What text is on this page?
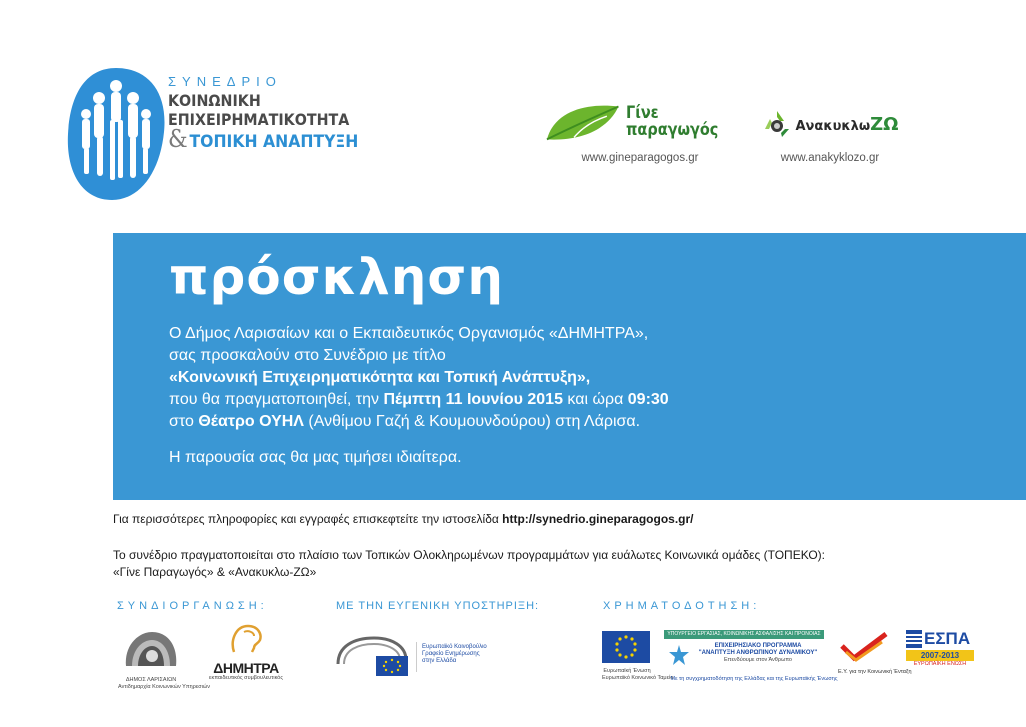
ΣΥΝΕΔΡΙΟ
ΚΟΙΝΩΝΙΚΗ
ΕΠΙΧΕΙΡΗΜΑΤΙΚΟΤΗΤΑ
& ΤΟΠΙΚΗ ΑΝΑΠΤΥΞΗ
Γίνε
παραγωγός
www.gineparagogos.gr
ΑνακυκλωΖΩ
www.anakyklozo.gr
πρόσκληση
Ο Δήμος Λαρισαίων και ο Εκπαιδευτικός Οργανισμός «ΔΗΜΗΤΡΑ»,
σας προσκαλούν στο Συνέδριο με τίτλο
«Κοινωνική Επιχειρηματικότητα και Τοπική Ανάπτυξη»,
που θα πραγματοποιηθεί, την Πέμπτη 11 Ιουνίου 2015 και ώρα 09:30
στο Θέατρο ΟΥΗΛ (Ανθίμου Γαζή & Κουμουνδούρου) στη Λάρισα.
Η παρουσία σας θα μας τιμήσει ιδιαίτερα.
Για περισσότερες πληροφορίες και εγγραφές επισκεφτείτε την ιστοσελίδα http://synedrio.gineparagogos.gr/
Το συνέδριο πραγματοποιείται στο πλαίσιο των Τοπικών Ολοκληρωμένων προγραμμάτων για ευάλωτες Κοινωνικά ομάδες (ΤΟΠΕΚΟ):
«Γίνε Παραγωγός» & «Ανακυκλω-ΖΩ»
ΣΥΝΔΙΟΡΓΑΝΩΣΗ:	ΜΕ ΤΗΝ ΕΥΓΕΝΙΚΗ ΥΠΟΣΤΗΡΙΞΗ:	ΧΡΗΜΑΤΟΔΟΤΗΣΗ:
ΔΗΜΟΣ ΛΑΡΙΣΑΙΩΝ
Αντιδημαρχία Κοινωνικών Υπηρεσιών
ΔΗΜΗΤΡΑ
εκπαιδευτικός συμβουλευτικός
Ευρωπαϊκό Κοινοβούλιο
Γραφείο Ενημέρωσης
στην Ελλάδα
Ευρωπαϊκή Ένωση
Ευρωπαϊκό Κοινωνικό Ταμείο
ΥΠΟΥΡΓΕΙΟ ΕΡΓΑΣΙΑΣ, ΚΟΙΝΩΝΙΚΗΣ ΑΣΦΑΛΙΣΗΣ ΚΑΙ ΠΡΟΝΟΙΑΣ
ΕΠΙΧΕΙΡΗΣΙΑΚΟ ΠΡΟΓΡΑΜΜΑ
"ΑΝΑΠΤΥΞΗ ΑΝΘΡΩΠΙΝΟΥ ΔΥΝΑΜΙΚΟΥ"
Επενδύουμε στον Άνθρωπο
Με τη συγχρηματοδότηση της Ελλάδας και της Ευρωπαϊκής Ένωσης
Ε.Υ. για την Κοινωνική Ένταξη
ΕΣΠΑ
2007-2013
ΕΥΡΩΠΑΪΚΗ ΕΝΩΣΗ
